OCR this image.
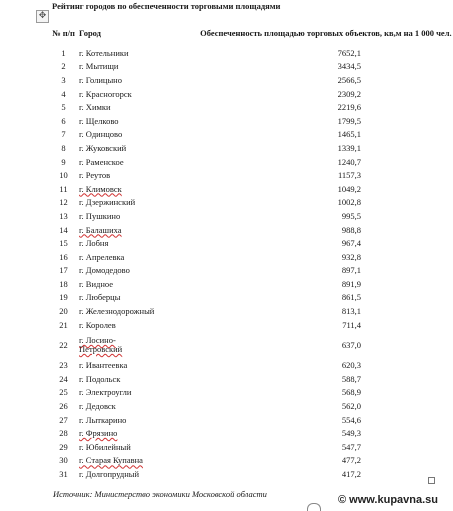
✥
Рейтинг городов по обеспеченности торговыми площадями
№ п/п	Город	Обеспеченность площадью торговых объектов, кв,м на 1 000 чел.
1	г. Котельники	7652,1
2	г. Мытищи	3434,5
3	г. Голицыно	2566,5
4	г. Красногорск	2309,2
5	г. Химки	2219,6
6	г. Щелково	1799,5
7	г. Одинцово	1465,1
8	г. Жуковский	1339,1
9	г. Раменское	1240,7
10	г. Реутов	1157,3
11	г. Климовск	1049,2
12	г. Дзержинский	1002,8
13	г. Пушкино	995,5
14	г. Балашиха	988,8
15	г. Лобня	967,4
16	г. Апрелевка	932,8
17	г. Домодедово	897,1
18	г. Видное	891,9
19	г. Люберцы	861,5
20	г. Железнодорожный	813,1
21	г. Королев	711,4
22	г. Лосино-Петровский	637,0
23	г. Ивантеевка	620,3
24	г. Подольск	588,7
25	г. Электроугли	568,9
26	г. Дедовск	562,0
27	г. Лыткарино	554,6
28	г. Фрязино	549,3
29	г. Юбилейный	547,7
30	г. Старая Купавна	477,2
31	г. Долгопрудный	417,2
Источник: Министерство экономики Московской области	© www.kupavna.su
